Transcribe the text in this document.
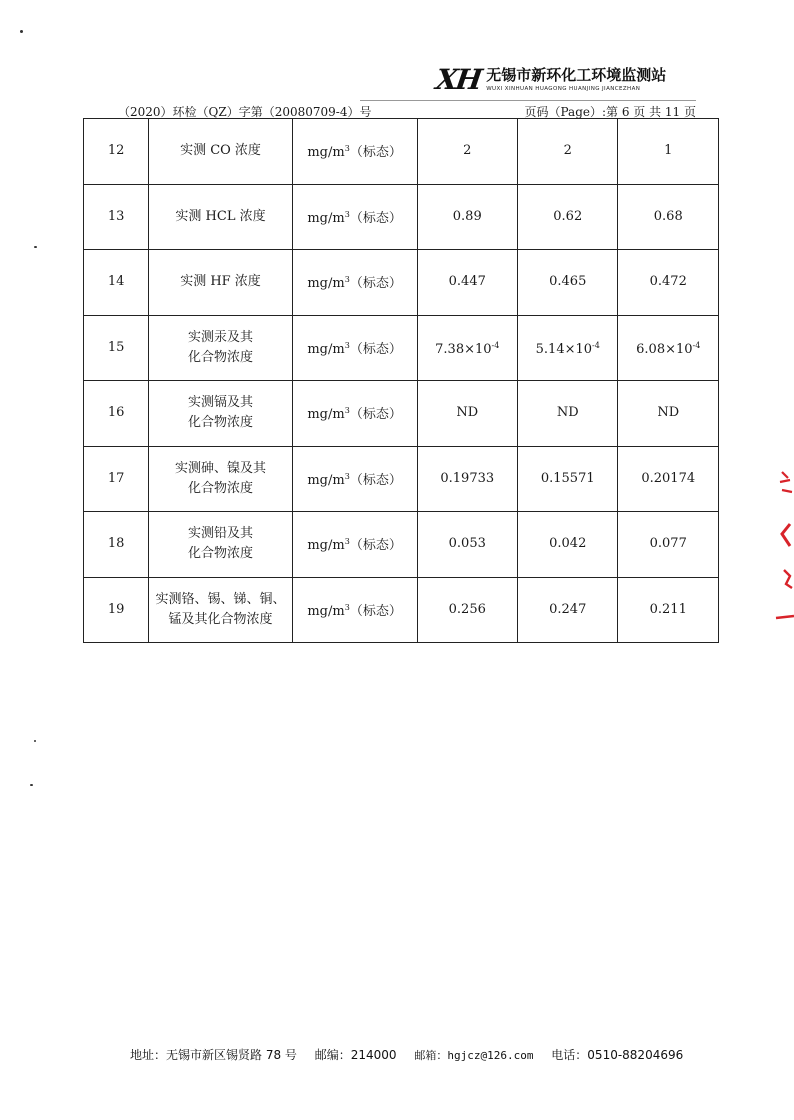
XH 无锡市新环化工环境监测站
WUXI XINHUAN HUAGONG HUANJING JIANCEZHAN
（2020）环检（QZ）字第（20080709-4）号	页码（Page）:第 6 页 共 11 页
12	实测 CO 浓度	$mg/m^3$（标态）	2	2	1
13	实测 HCL 浓度	$mg/m^3$（标态）	0.89	0.62	0.68
14	实测 HF 浓度	$mg/m^3$（标态）	0.447	0.465	0.472
15	实测汞及其
化合物浓度	$mg/m^3$（标态）	$7.38\times 10^{-4}$	$5.14\times 10^{-4}$	$6.08\times 10^{-4}$
16	实测镉及其
化合物浓度	$mg/m^3$（标态）	ND	ND	ND
17	实测砷、镍及其
化合物浓度	$mg/m^3$（标态）	0.19733	0.15571	0.20174
18	实测铅及其
化合物浓度	$mg/m^3$（标态）	0.053	0.042	0.077
19	实测铬、锡、锑、铜、
锰及其化合物浓度	$mg/m^3$（标态）	0.256	0.247	0.211
地址：无锡市新区锡贤路 78 号 邮编：214000 邮箱：hgjcz@126.com 电话：0510-88204696
